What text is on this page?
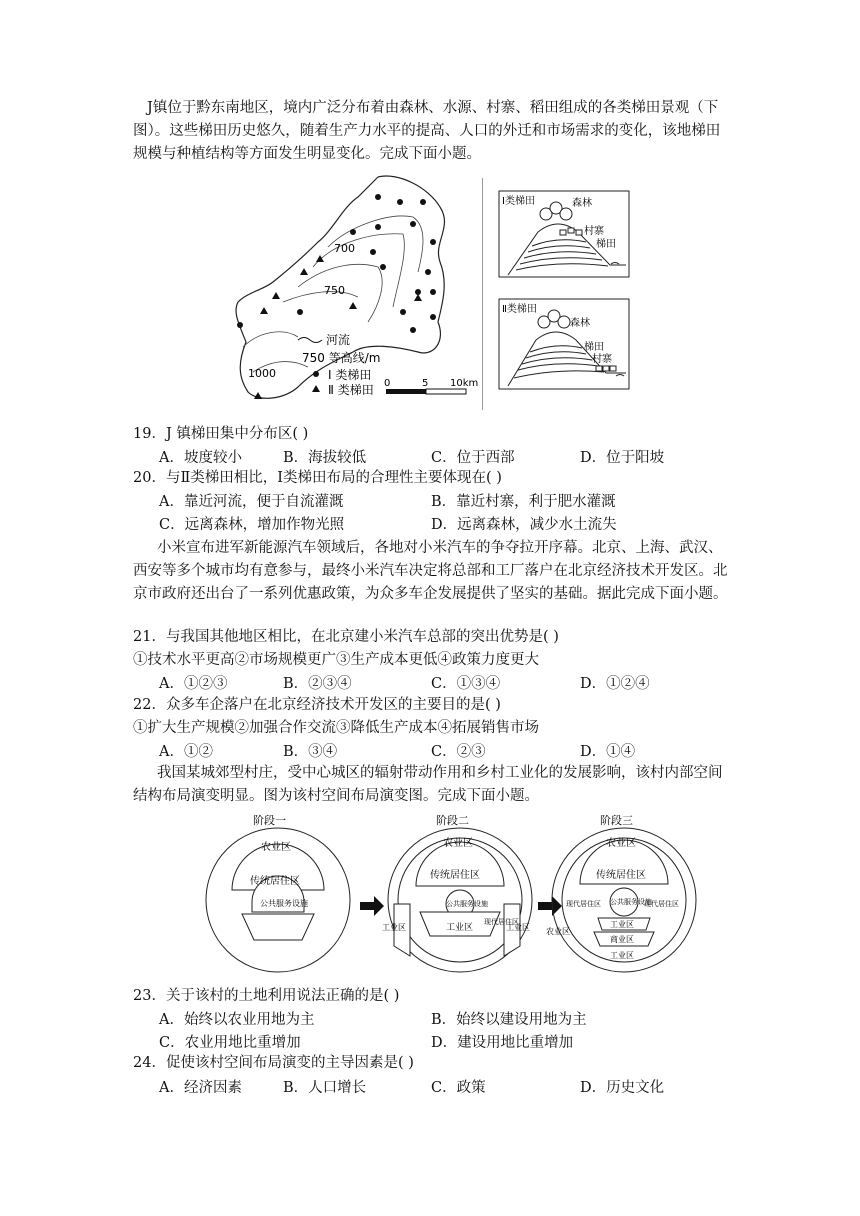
J镇位于黔东南地区，境内广泛分布着由森林、水源、村寨、稻田组成的各类梯田景观（下图）。这些梯田历史悠久，随着生产力水平的提高、人口的外迁和市场需求的变化，该地梯田规模与种植结构等方面发生明显变化。完成下面小题。
700
750
1000
河流
750 等高线/m
Ⅰ 类梯田
Ⅱ 类梯田 0	5 10km
Ⅰ类梯田	森林
村寨
梯田
Ⅱ类梯田
森林
梯田
村寨
19．J 镇梯田集中分布区( )
A．坡度较小	B．海拔较低	C．位于西部	D．位于阳坡
20．与Ⅱ类梯田相比，Ⅰ类梯田布局的合理性主要体现在( )
A．靠近河流，便于自流灌溉	B．靠近村寨，利于肥水灌溉
C．远离森林，增加作物光照	D．远离森林，减少水土流失
小米宣布进军新能源汽车领域后，各地对小米汽车的争夺拉开序幕。北京、上海、武汉、西安等多个城市均有意参与，最终小米汽车决定将总部和工厂落户在北京经济技术开发区。北京市政府还出台了一系列优惠政策，为众多车企发展提供了坚实的基础。据此完成下面小题。
21．与我国其他地区相比，在北京建小米汽车总部的突出优势是( )
①技术水平更高②市场规模更广③生产成本更低④政策力度更大
A．①②③	B．②③④	C．①③④	D．①②④
22．众多车企落户在北京经济技术开发区的主要目的是( )
①扩大生产规模②加强合作交流③降低生产成本④拓展销售市场
A．①②	B．③④	C．②③	D．①④
我国某城郊型村庄，受中心城区的辐射带动作用和乡村工业化的发展影响，该村内部空间结构布局演变明显。图为该村空间布局演变图。完成下面小题。
阶段一
农业区
传统居住区
公共服务设施
阶段二
农业区
传统居住区
公共服务设施
现代居住区
工业区
工业区	工业区
阶段三
农业区
传统居住区
公共服务设施
现代居住区	现代居住区
工业区
商业区
工业区
农业区
23．关于该村的土地利用说法正确的是( )
A．始终以农业用地为主	B．始终以建设用地为主
C．农业用地比重增加	D．建设用地比重增加
24．促使该村空间布局演变的主导因素是( )
A．经济因素	B．人口增长	C．政策	D．历史文化
